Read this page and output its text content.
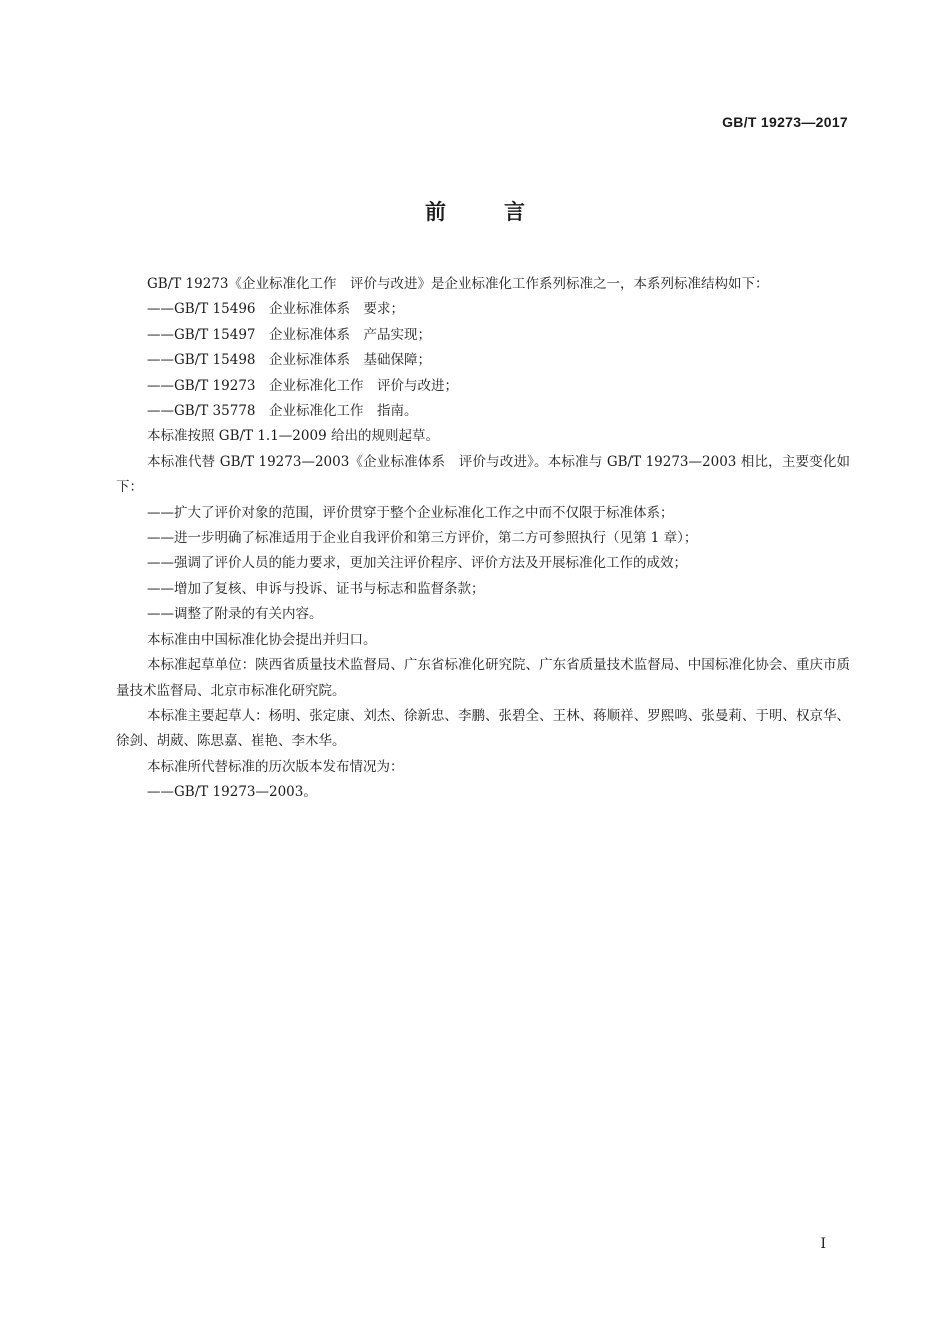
GB/T 19273—2017
前言

GB/T 19273《企业标准化工作　评价与改进》是企业标准化工作系列标准之一，本系列标准结构如下：

——GB/T 15496　企业标准体系　要求；

——GB/T 15497　企业标准体系　产品实现；

——GB/T 15498　企业标准体系　基础保障；

——GB/T 19273　企业标准化工作　评价与改进；

——GB/T 35778　企业标准化工作　指南。

本标准按照 GB/T 1.1—2009 给出的规则起草。

本标准代替 GB/T 19273—2003《企业标准体系　评价与改进》。本标准与 GB/T 19273—2003 相比，主要变化如下：

——扩大了评价对象的范围，评价贯穿于整个企业标准化工作之中而不仅限于标准体系；

——进一步明确了标准适用于企业自我评价和第三方评价，第二方可参照执行（见第 1 章）；

——强调了评价人员的能力要求，更加关注评价程序、评价方法及开展标准化工作的成效；

——增加了复核、申诉与投诉、证书与标志和监督条款；

——调整了附录的有关内容。

本标准由中国标准化协会提出并归口。

本标准起草单位：陕西省质量技术监督局、广东省标准化研究院、广东省质量技术监督局、中国标准化协会、重庆市质量技术监督局、北京市标准化研究院。

本标准主要起草人：杨明、张定康、刘杰、徐新忠、李鹏、张碧全、王林、蒋顺祥、罗熙鸣、张曼莉、于明、权京华、徐剑、胡葳、陈思嘉、崔艳、李木华。

本标准所代替标准的历次版本发布情况为：

——GB/T 19273—2003。

I
